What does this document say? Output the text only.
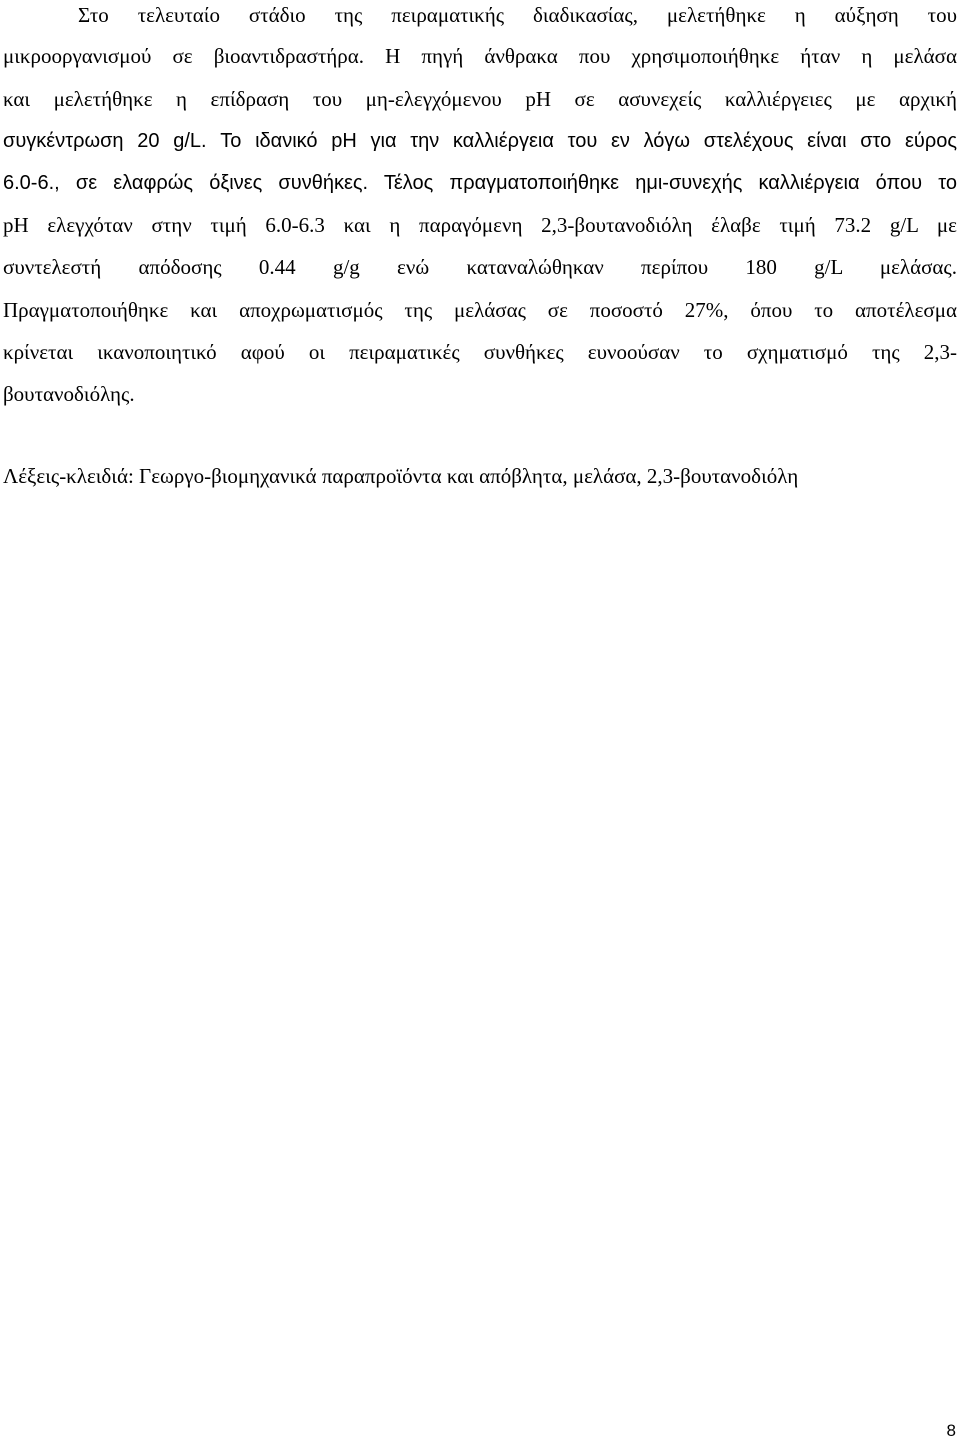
Στο τελευταίο στάδιο της πειραματικής διαδικασίας, μελετήθηκε η αύξηση του

μικροοργανισμού σε βιοαντιδραστήρα. Η πηγή άνθρακα που χρησιμοποιήθηκε ήταν η μελάσα

και μελετήθηκε η επίδραση του μη-ελεγχόμενου pH σε ασυνεχείς καλλιέργειες με αρχική

συγκέντρωση 20 g/L. Το ιδανικό pH για την καλλιέργεια του εν λόγω στελέχους είναι στο εύρος

6.0-6., σε ελαφρώς όξινες συνθήκες. Τέλος πραγματοποιήθηκε ημι-συνεχής καλλιέργεια όπου το

pH ελεγχόταν στην τιμή 6.0-6.3 και η παραγόμενη 2,3-βουτανοδιόλη έλαβε τιμή 73.2 g/L με

συντελεστή απόδοσης 0.44 g/g ενώ καταναλώθηκαν περίπου 180 g/L μελάσας.

Πραγματοποιήθηκε και αποχρωματισμός της μελάσας σε ποσοστό 27%, όπου το αποτέλεσμα

κρίνεται ικανοποιητικό αφού οι πειραματικές συνθήκες ευνοούσαν το σχηματισμό της 2,3-

βουτανοδιόλης.

Λέξεις-κλειδιά: Γεωργο-βιομηχανικά παραπροϊόντα και απόβλητα, μελάσα, 2,3-βουτανοδιόλη

8
